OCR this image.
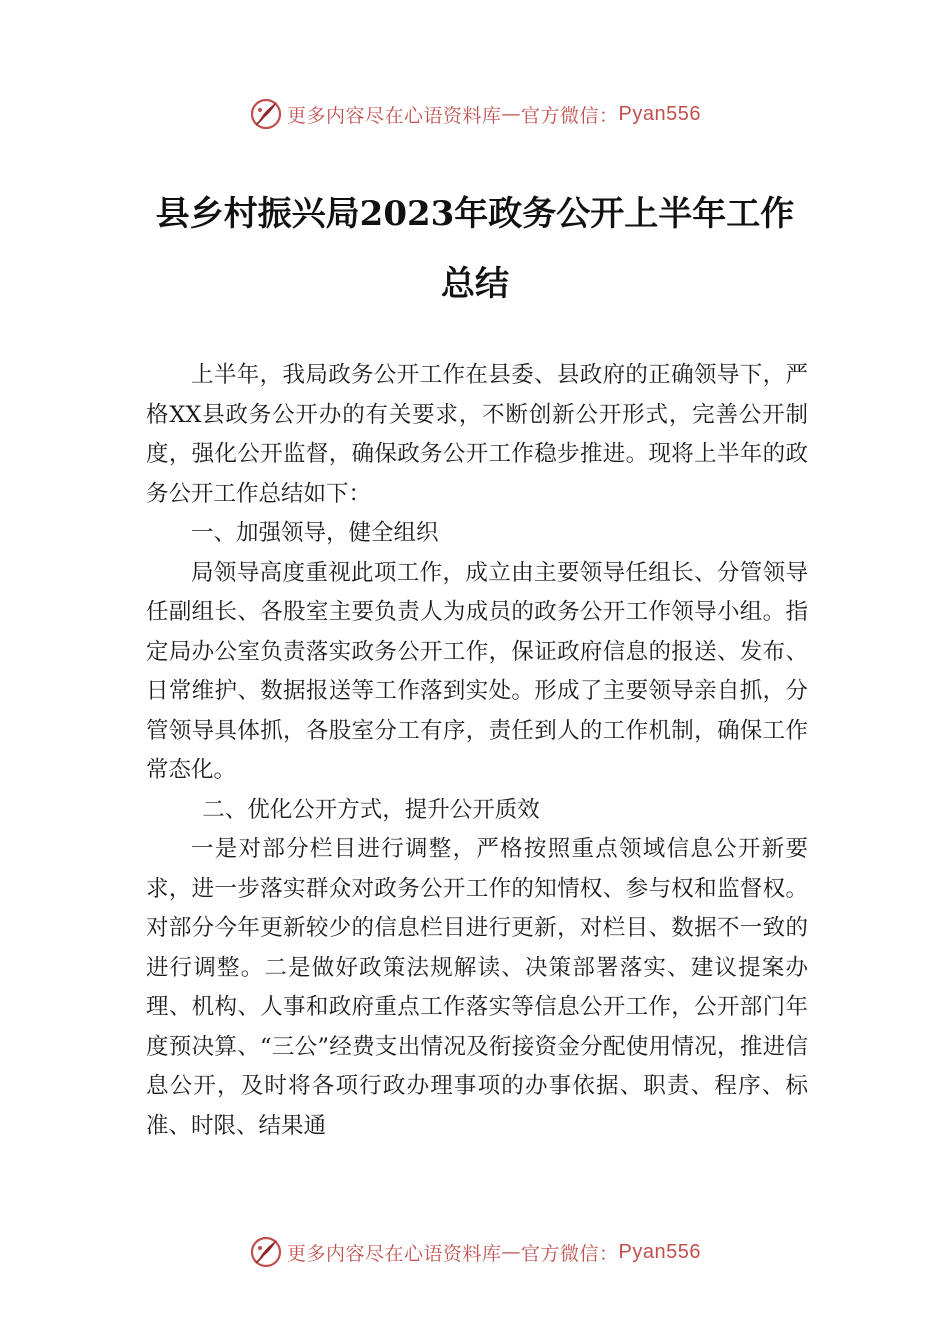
更多内容尽在心语资料库 — 官方微信： Pyan556
县乡村振兴局2023年政务公开上半年工作
总结

上半年，我局政务公开工作在县委、县政府的正确领导下，严格XX县政务公开办的有关要求，不断创新公开形式，完善公开制度，强化公开监督，确保政务公开工作稳步推进。现将上半年的政务公开工作总结如下：

一、加强领导，健全组织

局领导高度重视此项工作，成立由主要领导任组长、分管领导任副组长、各股室主要负责人为成员的政务公开工作领导小组。指定局办公室负责落实政务公开工作，保证政府信息的报送、发布、日常维护、数据报送等工作落到实处。形成了主要领导亲自抓，分管领导具体抓，各股室分工有序，责任到人的工作机制，确保工作常态化。

二、优化公开方式，提升公开质效

一是对部分栏目进行调整，严格按照重点领域信息公开新要求，进一步落实群众对政务公开工作的知情权、参与权和监督权。对部分今年更新较少的信息栏目进行更新，对栏目、数据不一致的进行调整。二是做好政策法规解读、决策部署落实、建议提案办理、机构、人事和政府重点工作落实等信息公开工作，公开部门年度预决算、“三公”经费支出情况及衔接资金分配使用情况，推进信息公开，及时将各项行政办理事项的办事依据、职责、程序、标准、时限、结果通

更多内容尽在心语资料库 — 官方微信： Pyan556
